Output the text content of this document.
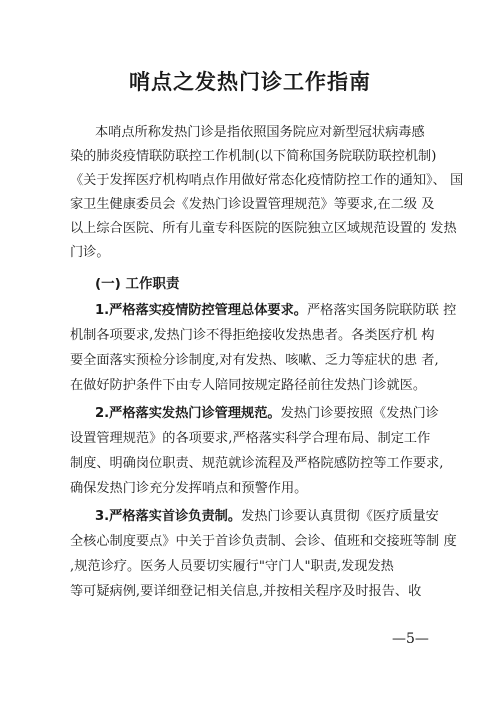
哨点之发热门诊工作指南
本哨点所称发热门诊是指依照国务院应对新型冠状病毒感
染的肺炎疫情联防联控工作机制(以下简称国务院联防联控机制)
《关于发挥医疗机构哨点作用做好常态化疫情防控工作的通知》、 国
家卫生健康委员会《发热门诊设置管理规范》等要求,在二级 及
以上综合医院、所有儿童专科医院的医院独立区域规范设置的 发热
门诊。
(一) 工作职责
1.严格落实疫情防控管理总体要求。严格落实国务院联防联 控
机制各项要求,发热门诊不得拒绝接收发热患者。各类医疗机 构
要全面落实预检分诊制度,对有发热、咳嗽、乏力等症状的患 者,
在做好防护条件下由专人陪同按规定路径前往发热门诊就医。
2.严格落实发热门诊管理规范。发热门诊要按照《发热门诊
设置管理规范》的各项要求,严格落实科学合理布局、制定工作
制度、明确岗位职责、规范就诊流程及严格院感防控等工作要求,
确保发热门诊充分发挥哨点和预警作用。
3.严格落实首诊负责制。发热门诊要认真贯彻《医疗质量安
全核心制度要点》中关于首诊负责制、会诊、值班和交接班等制 度
,规范诊疗。医务人员要切实履行"守门人"职责,发现发热
等可疑病例,要详细登记相关信息,并按相关程序及时报告、收
—5—
